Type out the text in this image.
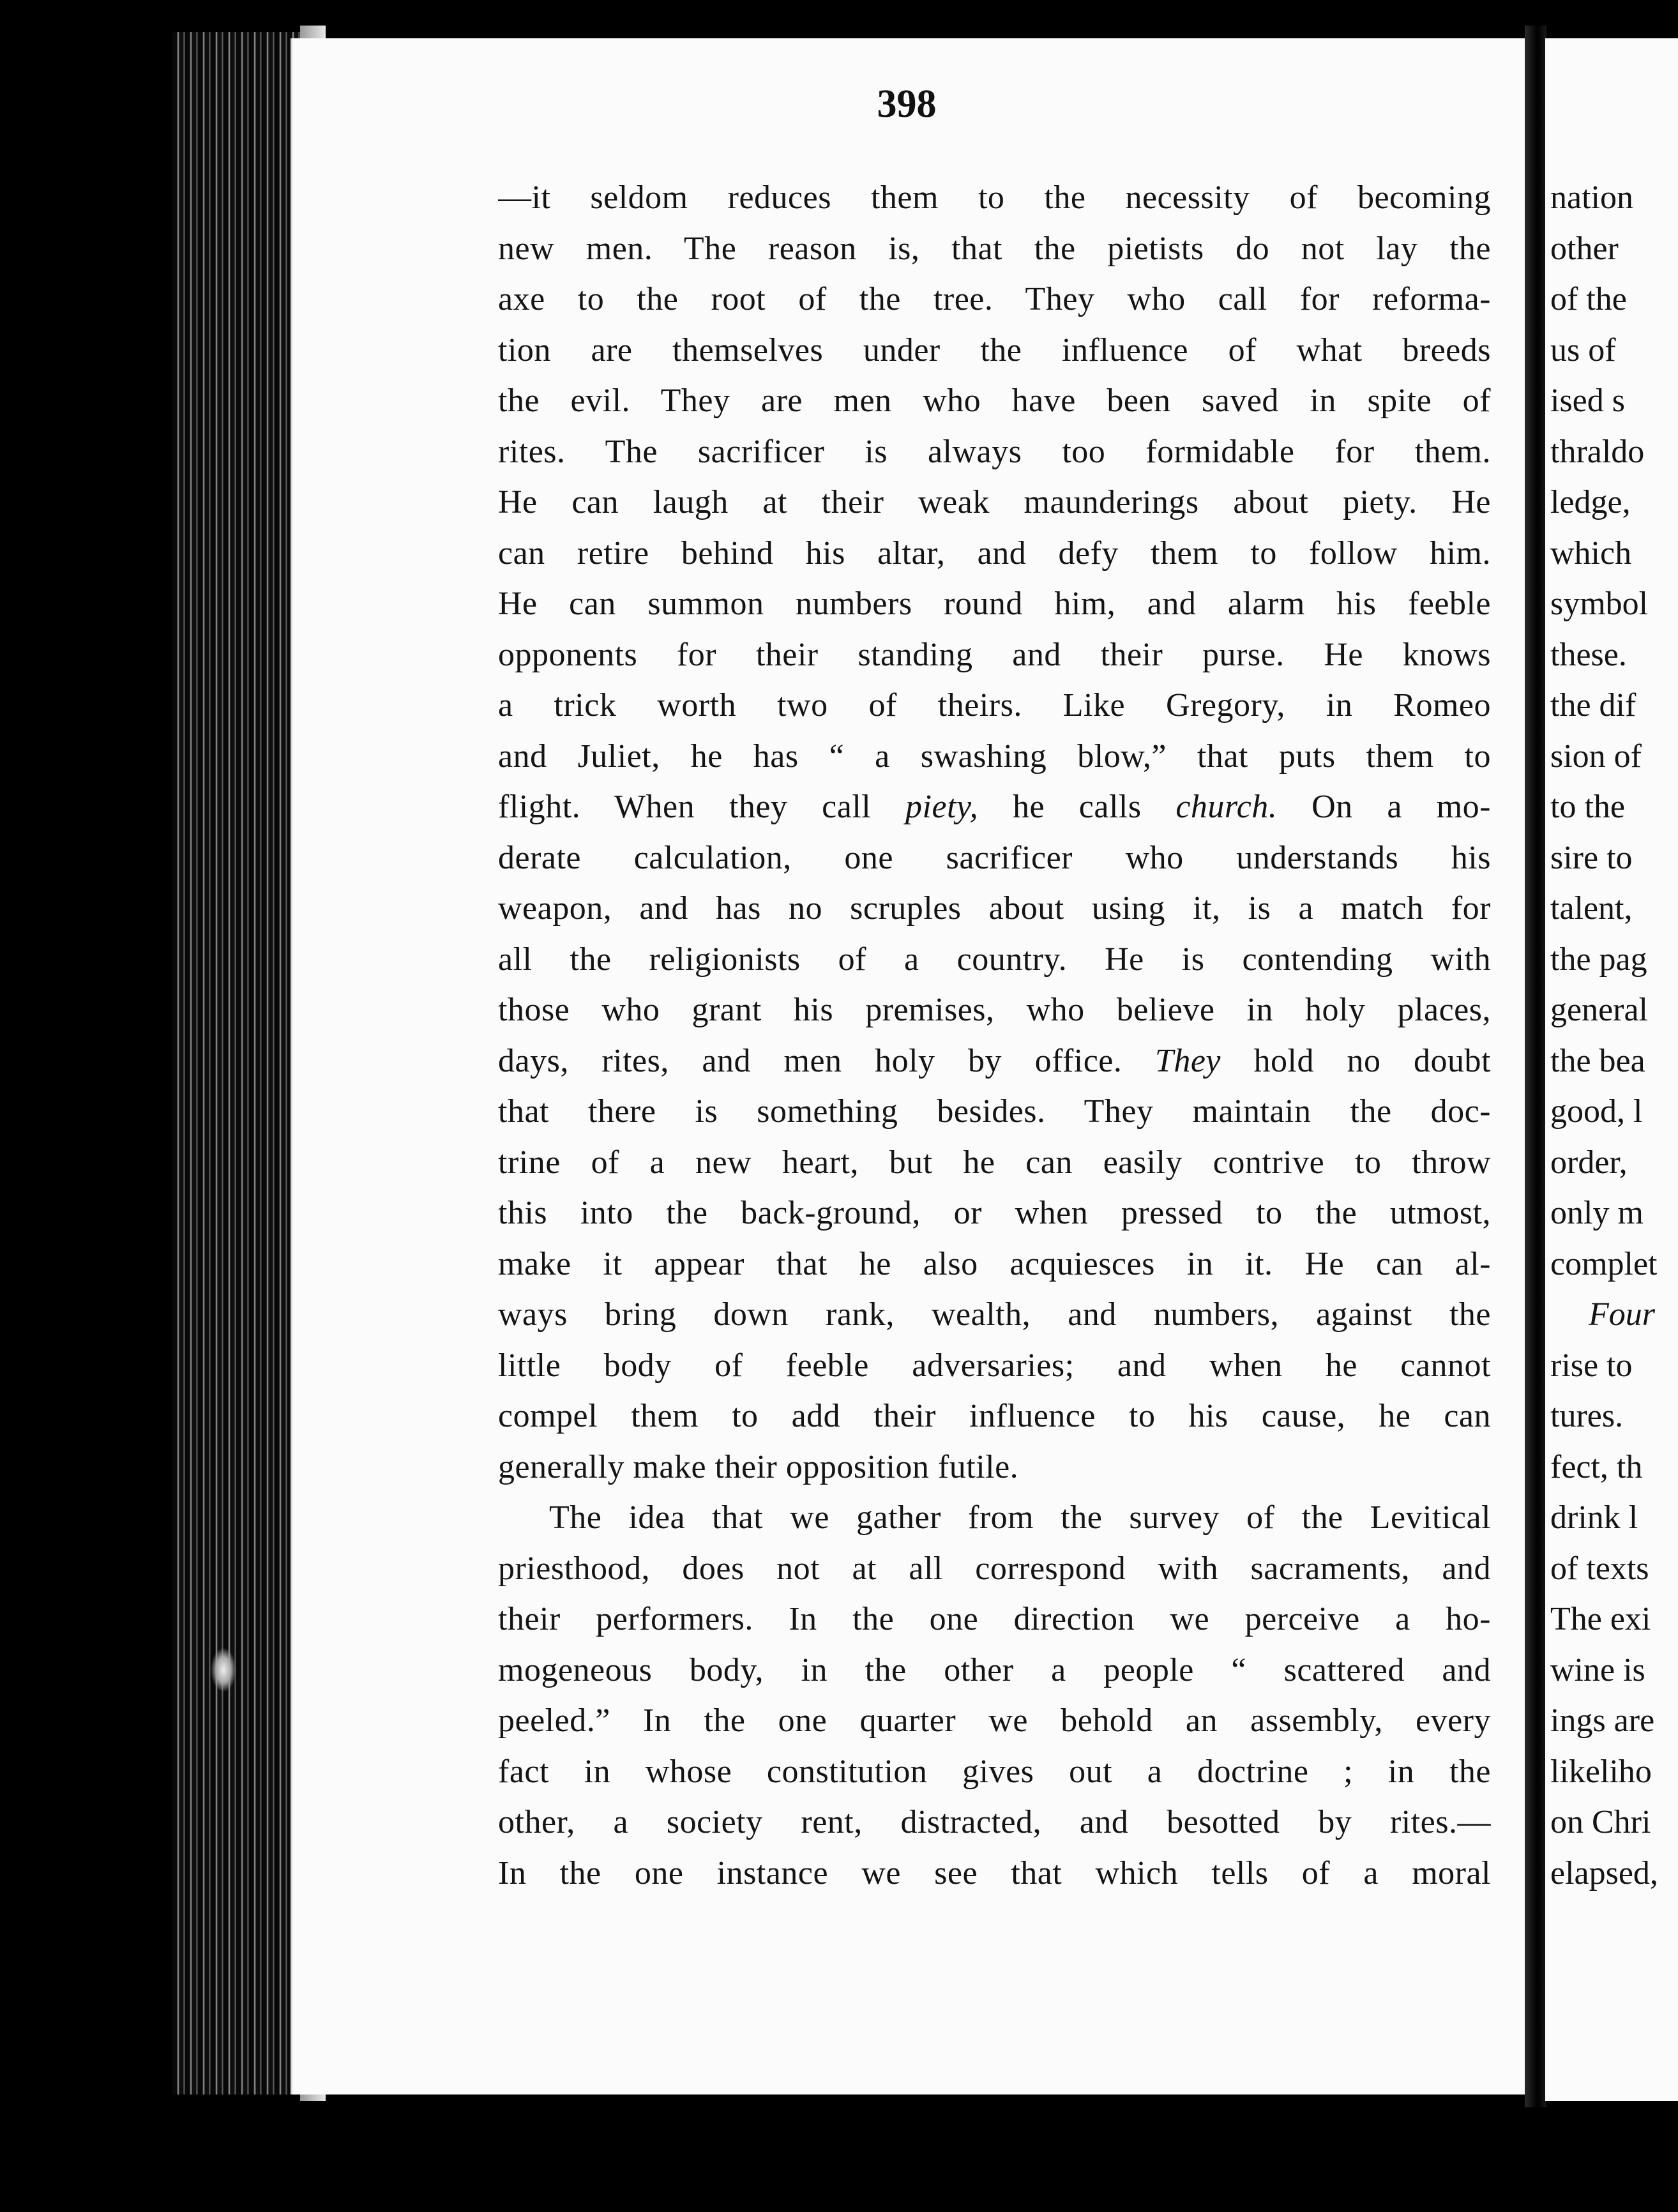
398
—it seldom reduces them to the necessity of becoming
new men. The reason is, that the pietists do not lay the
axe to the root of the tree. They who call for reforma-
tion are themselves under the influence of what breeds
the evil. They are men who have been saved in spite of
rites. The sacrificer is always too formidable for them.
He can laugh at their weak maunderings about piety. He
can retire behind his altar, and defy them to follow him.
He can summon numbers round him, and alarm his feeble
opponents for their standing and their purse. He knows
a trick worth two of theirs. Like Gregory, in Romeo
and Juliet, he has “ a swashing blow,” that puts them to
flight. When they call piety, he calls church. On a mo-
derate calculation, one sacrificer who understands his
weapon, and has no scruples about using it, is a match for
all the religionists of a country. He is contending with
those who grant his premises, who believe in holy places,
days, rites, and men holy by office. They hold no doubt
that there is something besides. They maintain the doc-
trine of a new heart, but he can easily contrive to throw
this into the back-ground, or when pressed to the utmost,
make it appear that he also acquiesces in it. He can al-
ways bring down rank, wealth, and numbers, against the
little body of feeble adversaries; and when he cannot
compel them to add their influence to his cause, he can
generally make their opposition futile.
The idea that we gather from the survey of the Levitical
priesthood, does not at all correspond with sacraments, and
their performers. In the one direction we perceive a ho-
mogeneous body, in the other a people “ scattered and
peeled.” In the one quarter we behold an assembly, every
fact in whose constitution gives out a doctrine ; in the
other, a society rent, distracted, and besotted by rites.—
In the one instance we see that which tells of a moral
nation
other
of the
us of
ised s
thraldo
ledge,
which
symbol
these.
the dif
sion of
to the
sire to
talent,
the pag
general
the bea
good, l
order,
only m
complet
Four
rise to
tures.
fect, th
drink l
of texts
The exi
wine is
ings are
likeliho
on Chri
elapsed,
